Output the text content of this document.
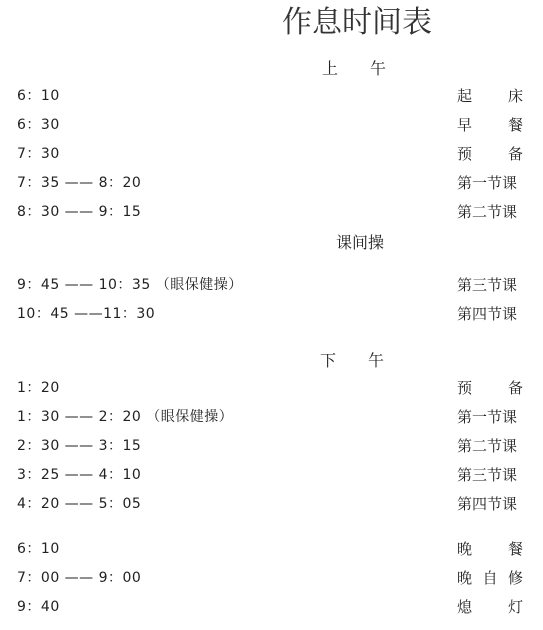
作息时间表
上　　午
6：10	起 床
6：30	早 餐
7：30	预 备
7：35 —— 8：20	第一节课
8：30 —— 9：15	第二节课
课间操
9：45 —— 10：35 （眼保健操）	第三节课
10：45 ——11：30	第四节课
下　　午
1：20	预 备
1：30 —— 2：20 （眼保健操）	第一节课
2：30 —— 3：15	第二节课
3：25 —— 4：10	第三节课
4：20 —— 5：05	第四节课
6：10	晚 餐
7：00 —— 9：00	晚 自 修
9：40	熄 灯
